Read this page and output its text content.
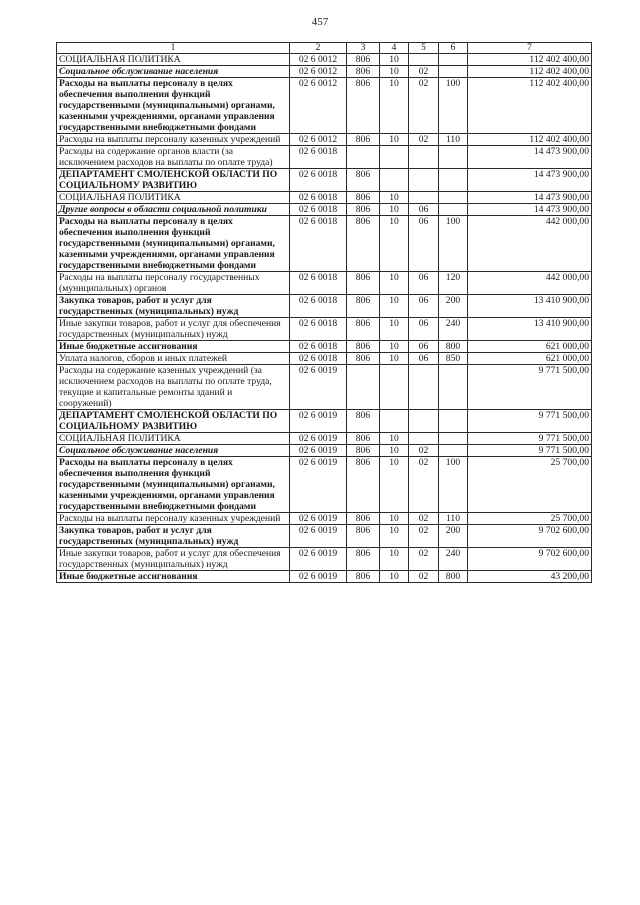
457
1	2	3	4	5	6	7
СОЦИАЛЬНАЯ ПОЛИТИКА	02 6 0012	806	10			112 402 400,00
Социальное обслуживание населения	02 6 0012	806	10	02		112 402 400,00
Расходы на выплаты персоналу в целях обеспечения выполнения функций государственными (муниципальными) органами, казенными учреждениями, органами управления государственными внебюджетными фондами	02 6 0012	806	10	02	100	112 402 400,00
Расходы на выплаты персоналу казенных учреждений	02 6 0012	806	10	02	110	112 402 400,00
Расходы на содержание органов власти (за исключением расходов на выплаты по оплате труда)	02 6 0018					14 473 900,00
ДЕПАРТАМЕНТ СМОЛЕНСКОЙ ОБЛАСТИ ПО СОЦИАЛЬНОМУ РАЗВИТИЮ	02 6 0018	806				14 473 900,00
СОЦИАЛЬНАЯ ПОЛИТИКА	02 6 0018	806	10			14 473 900,00
Другие вопросы в области социальной политики	02 6 0018	806	10	06		14 473 900,00
Расходы на выплаты персоналу в целях обеспечения выполнения функций государственными (муниципальными) органами, казенными учреждениями, органами управления государственными внебюджетными фондами	02 6 0018	806	10	06	100	442 000,00
Расходы на выплаты персоналу государственных (муниципальных) органов	02 6 0018	806	10	06	120	442 000,00
Закупка товаров, работ и услуг для государственных (муниципальных) нужд	02 6 0018	806	10	06	200	13 410 900,00
Иные закупки товаров, работ и услуг для обеспечения государственных (муниципальных) нужд	02 6 0018	806	10	06	240	13 410 900,00
Иные бюджетные ассигнования	02 6 0018	806	10	06	800	621 000,00
Уплата налогов, сборов и иных платежей	02 6 0018	806	10	06	850	621 000,00
Расходы на содержание казенных учреждений (за исключением расходов на выплаты по оплате труда, текущие и капитальные ремонты зданий и сооружений)	02 6 0019					9 771 500,00
ДЕПАРТАМЕНТ СМОЛЕНСКОЙ ОБЛАСТИ ПО СОЦИАЛЬНОМУ РАЗВИТИЮ	02 6 0019	806				9 771 500,00
СОЦИАЛЬНАЯ ПОЛИТИКА	02 6 0019	806	10			9 771 500,00
Социальное обслуживание населения	02 6 0019	806	10	02		9 771 500,00
Расходы на выплаты персоналу в целях обеспечения выполнения функций государственными (муниципальными) органами, казенными учреждениями, органами управления государственными внебюджетными фондами	02 6 0019	806	10	02	100	25 700,00
Расходы на выплаты персоналу казенных учреждений	02 6 0019	806	10	02	110	25 700,00
Закупка товаров, работ и услуг для государственных (муниципальных) нужд	02 6 0019	806	10	02	200	9 702 600,00
Иные закупки товаров, работ и услуг для обеспечения государственных (муниципальных) нужд	02 6 0019	806	10	02	240	9 702 600,00
Иные бюджетные ассигнования	02 6 0019	806	10	02	800	43 200,00
